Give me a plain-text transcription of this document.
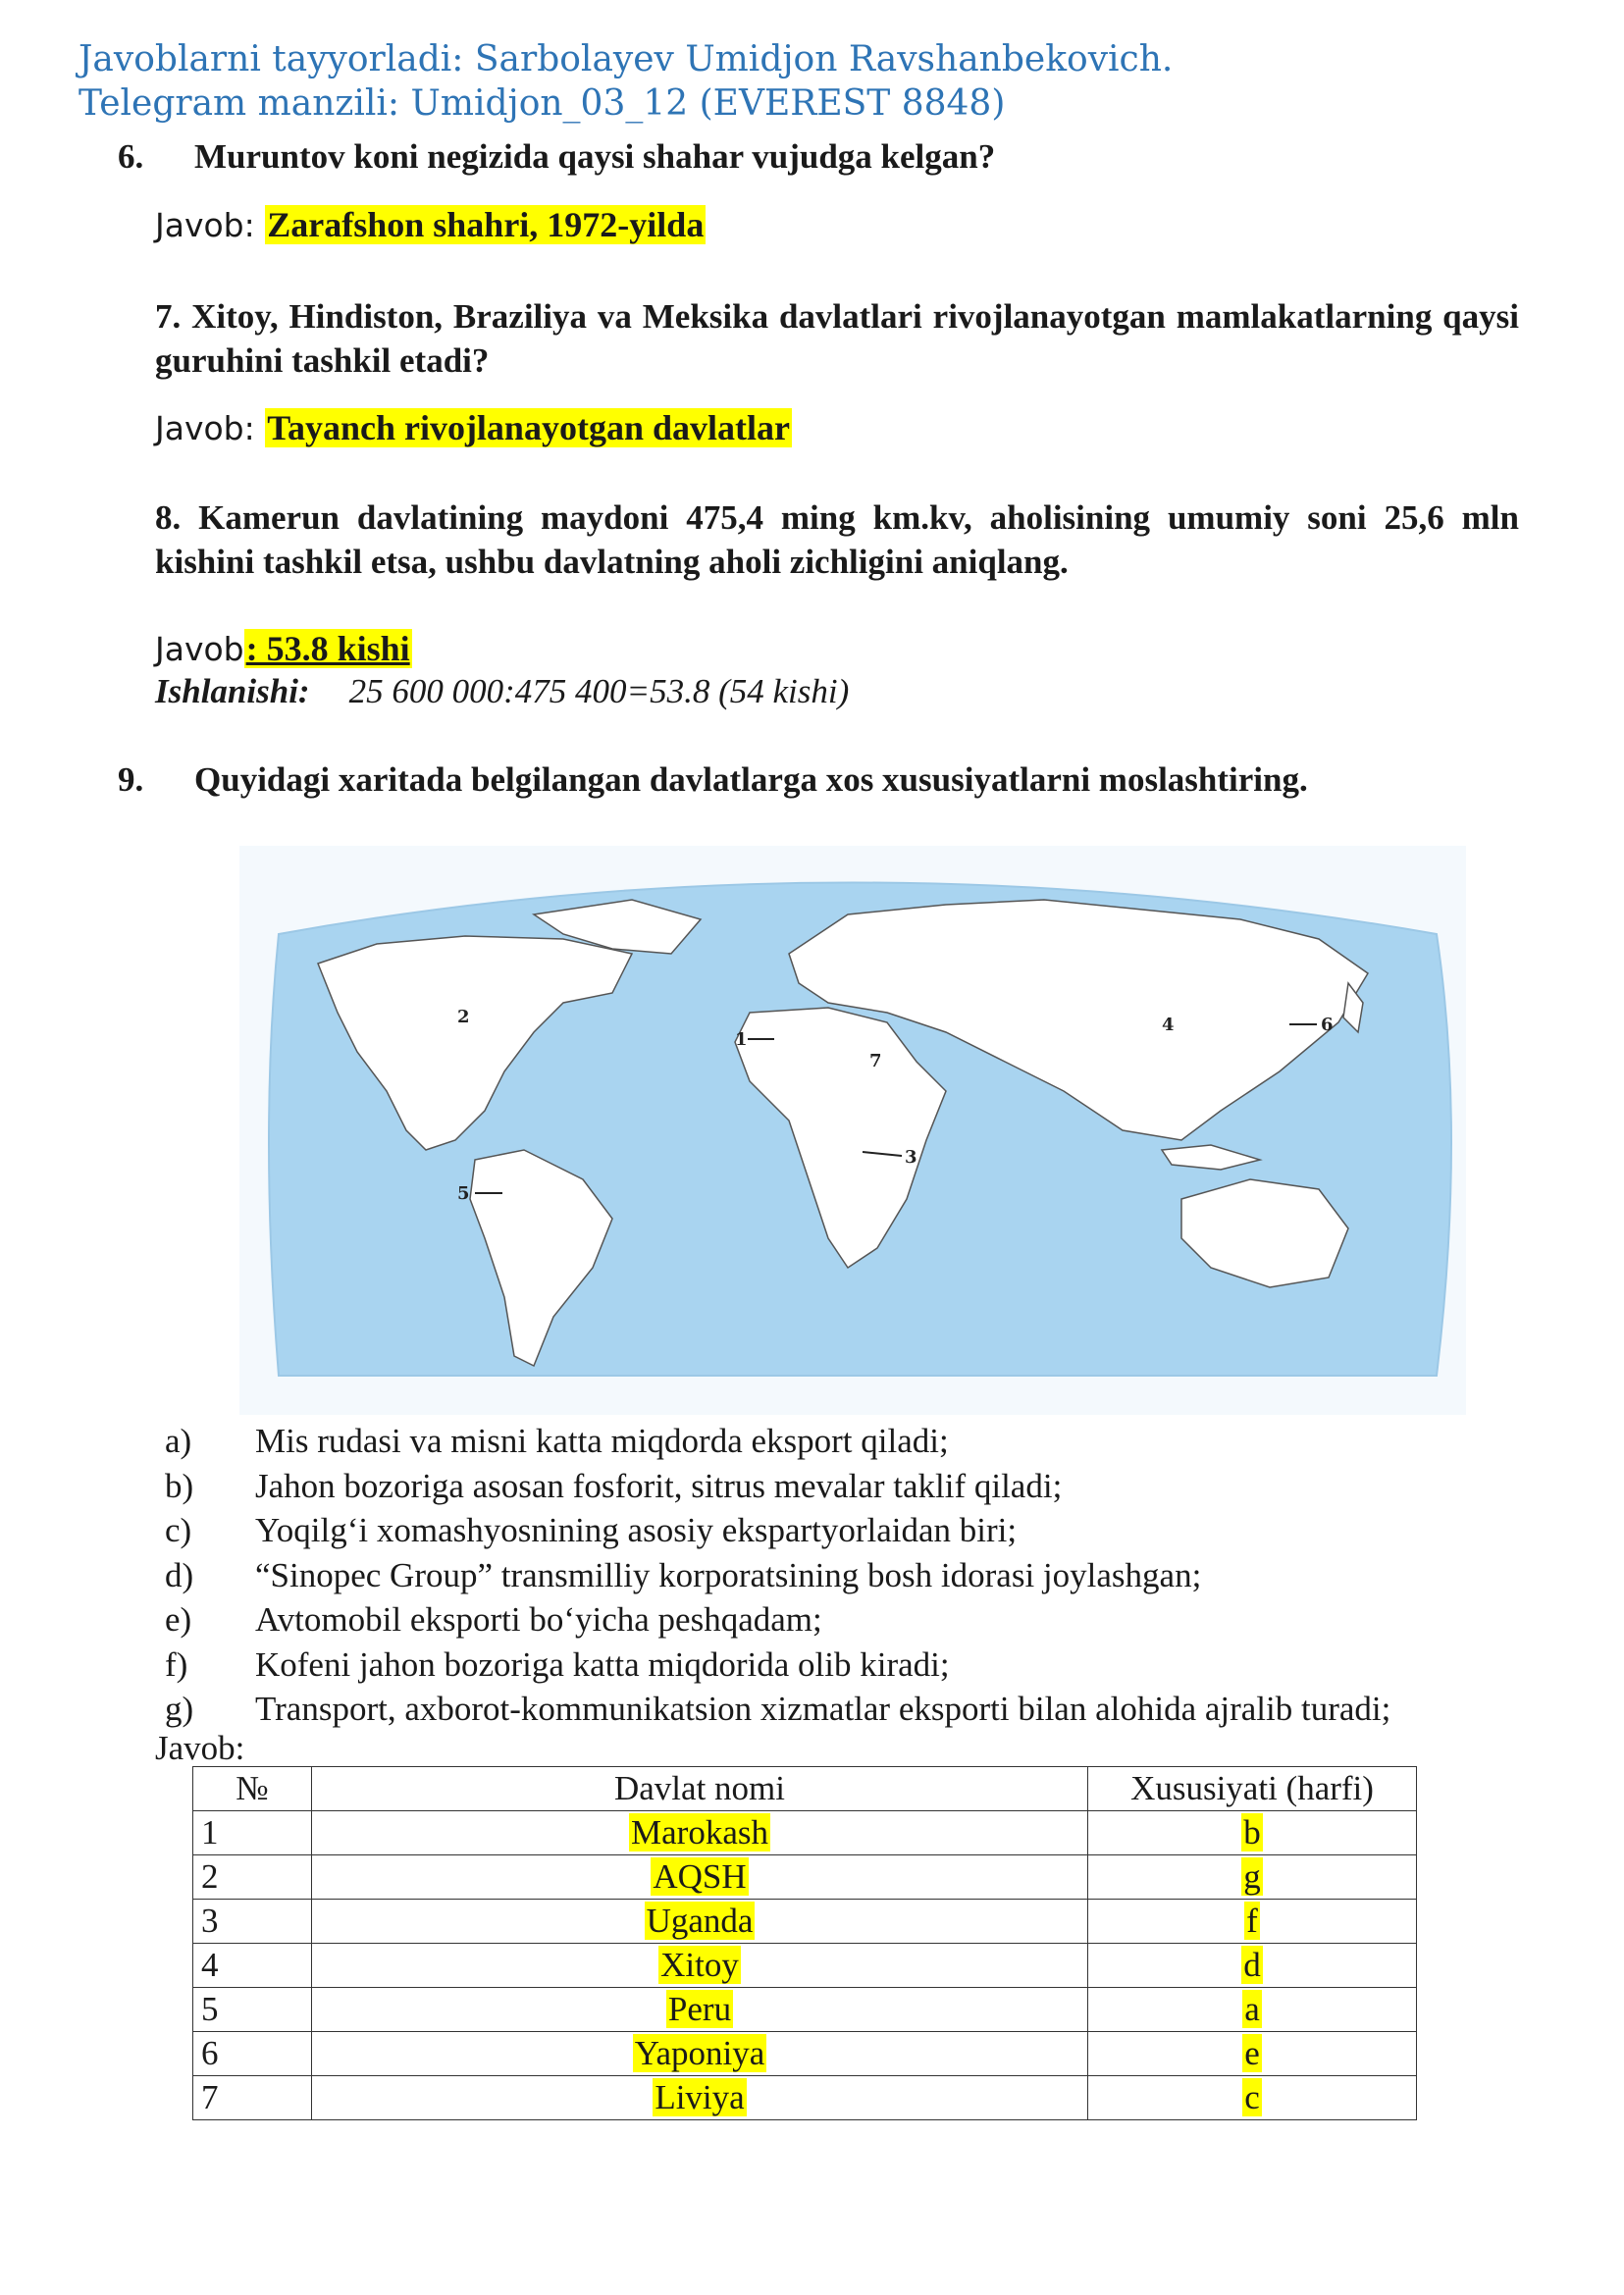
Javoblarni tayyorladi: Sarbolayev Umidjon Ravshanbekovich.
Telegram manzili: Umidjon_03_12 (EVEREST 8848)
6. Muruntov koni negizida qaysi shahar vujudga kelgan?
Javob: Zarafshon shahri, 1972-yilda
7. Xitoy, Hindiston, Braziliya va Meksika davlatlari rivojlanayotgan mamlakatlarning qaysi guruhini tashkil etadi?
Javob: Tayanch rivojlanayotgan davlatlar
8. Kamerun davlatining maydoni 475,4 ming km.kv, aholisining umumiy soni 25,6 mln kishini tashkil etsa, ushbu davlatning aholi zichligini aniqlang.
Javob: 53.8 kishi
Ishlanishi: 25 600 000:475 400=53.8 (54 kishi)
9. Quyidagi xaritada belgilangan davlatlarga xos xususiyatlarni moslashtiring.
1
2
3
4
5
6
7
a)	Mis rudasi va misni katta miqdorda eksport qiladi;
b)	Jahon bozoriga asosan fosforit, sitrus mevalar taklif qiladi;
c)	Yoqilg‘i xomashyosnining asosiy ekspartyorlaidan biri;
d)	“Sinopec Group” transmilliy korporatsining bosh idorasi joylashgan;
e)	Avtomobil eksporti bo‘yicha peshqadam;
f)	Kofeni jahon bozoriga katta miqdorida olib kiradi;
g)	Transport, axborot-kommunikatsion xizmatlar eksporti bilan alohida ajralib turadi;
Javob:
№	Davlat nomi	Xususiyati (harfi)
1	Marokash	b
2	AQSH	g
3	Uganda	f
4	Xitoy	d
5	Peru	a
6	Yaponiya	e
7	Liviya	c
